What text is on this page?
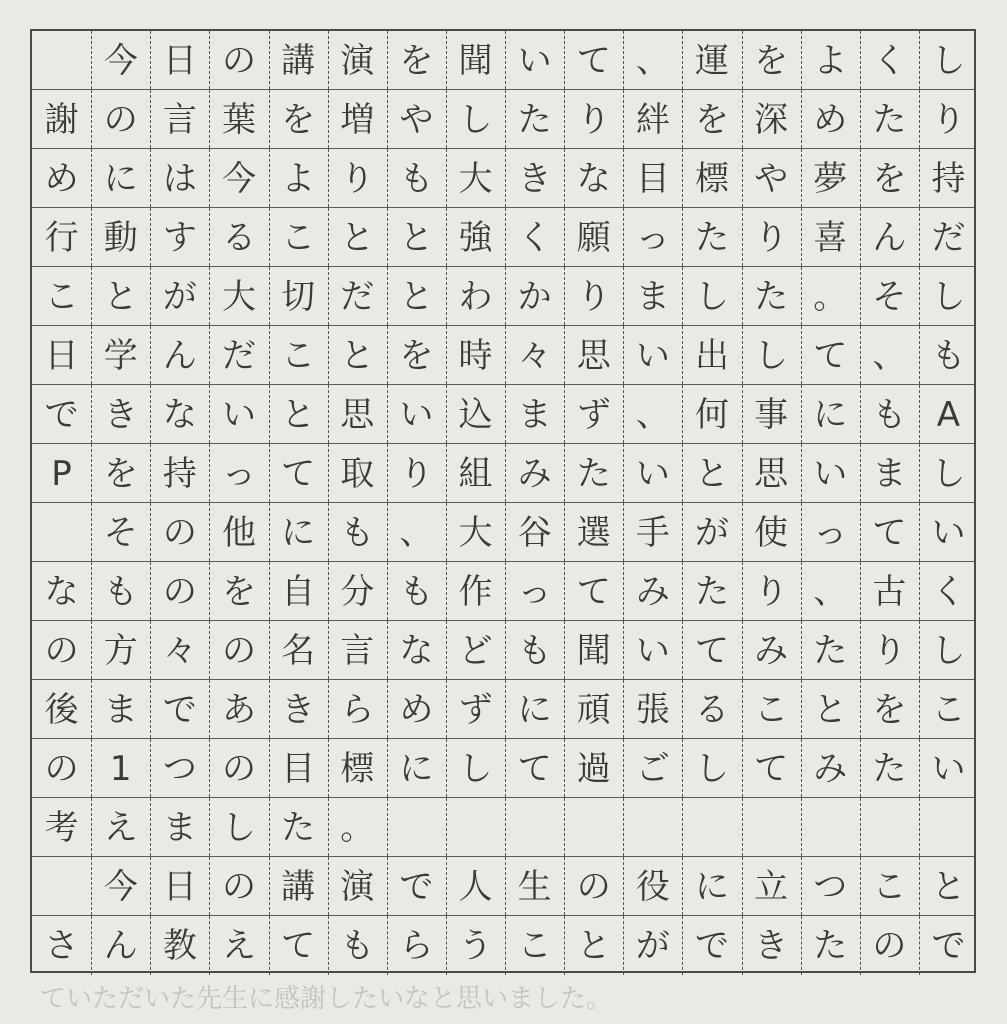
今 日 の 講 演 を 聞 い て 、 運 を よ く し
謝 の 言 葉 を 増 や し た り 絆 を 深 め た り
め に は 今 よ り も 大 き な 目 標 や 夢 を 持
行 動 す る こ と と 強 く 願 っ た り 喜 ん だ
こ と が 大 切 だ と わ か り ま し た 。 そ し
日 学 ん だ こ と を 時 々 思 い 出 し て 、 も
で き な い と 思 い 込 ま ず 、 何 事 に も A
P を 持 っ て 取 り 組 み た い と 思 い ま し

そ の 他 に も 、 大 谷 選 手 が 使 っ て い
な も の を 自 分 も 作 っ て み た り 、 古 く
の 方 々 の 名 言 な ど も 聞 い て み た り し
後 ま で あ き ら め ず に 頑 張 る こ と を こ
の 1 つ の 目 標 に し て 過 ご し て み た い
考 え ま し た 。

今 日 の 講 演 で 人 生 の 役 に 立 つ こ と
さ ん 教 え て も ら う こ と が で き た の で
ていただいた先生に感謝したいなと思いました。
